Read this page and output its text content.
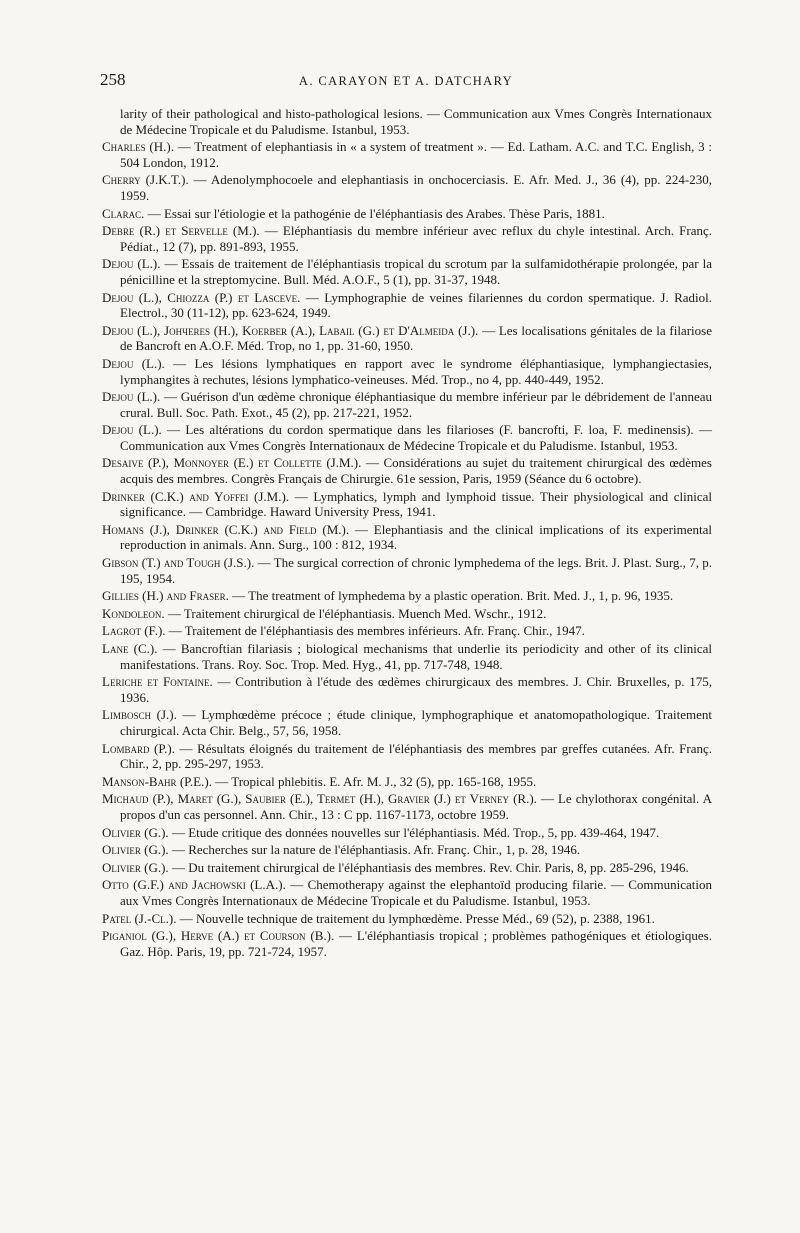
258	A. CARAYON ET A. DATCHARY

larity of their pathological and histo-pathological lesions. — Communication aux Vmes Congrès Internationaux de Médecine Tropicale et du Paludisme. Istanbul, 1953.

Charles (H.). — Treatment of elephantiasis in « a system of treatment ». — Ed. Latham. A.C. and T.C. English, 3 : 504 London, 1912.

Cherry (J.K.T.). — Adenolymphocoele and elephantiasis in onchocerciasis. E. Afr. Med. J., 36 (4), pp. 224-230, 1959.

Clarac. — Essai sur l'étiologie et la pathogénie de l'éléphantiasis des Arabes. Thèse Paris, 1881.

Debre (R.) et Servelle (M.). — Eléphantiasis du membre inférieur avec reflux du chyle intestinal. Arch. Franç. Pédiat., 12 (7), pp. 891-893, 1955.

Dejou (L.). — Essais de traitement de l'éléphantiasis tropical du scrotum par la sulfamidothérapie prolongée, par la pénicilline et la streptomycine. Bull. Méd. A.O.F., 5 (1), pp. 31-37, 1948.

Dejou (L.), Chiozza (P.) et Lasceve. — Lymphographie de veines filariennes du cordon spermatique. J. Radiol. Electrol., 30 (11-12), pp. 623-624, 1949.

Dejou (L.), Jончeres (H.), Koerber (A.), Labail (G.) et D'Almeida (J.). — Les localisations génitales de la filariose de Bancroft en A.O.F. Méd. Trop, no 1, pp. 31-60, 1950.

Dejou (L.). — Les lésions lymphatiques en rapport avec le syndrome éléphantiasique, lymphangiectasies, lymphangites à rechutes, lésions lymphatico-veineuses. Méd. Trop., no 4, pp. 440-449, 1952.

Dejou (L.). — Guérison d'un œdème chronique éléphantiasique du membre inférieur par le débridement de l'anneau crural. Bull. Soc. Path. Exot., 45 (2), pp. 217-221, 1952.

Dejou (L.). — Les altérations du cordon spermatique dans les filarioses (F. bancrofti, F. loa, F. medinensis). — Communication aux Vmes Congrès Internationaux de Médecine Tropicale et du Paludisme. Istanbul, 1953.

Desaive (P.), Monnoyer (E.) et Collette (J.M.). — Considérations au sujet du traitement chirurgical des œdèmes acquis des membres. Congrès Français de Chirurgie. 61e session, Paris, 1959 (Séance du 6 octobre).

Drinker (C.K.) and Yoffei (J.M.). — Lymphatics, lymph and lymphoid tissue. Their physiological and clinical significance. — Cambridge. Haward University Press, 1941.

Homans (J.), Drinker (C.K.) and Field (M.). — Elephantiasis and the clinical implications of its experimental reproduction in animals. Ann. Surg., 100 : 812, 1934.

Gibson (T.) and Tough (J.S.). — The surgical correction of chronic lymphedema of the legs. Brit. J. Plast. Surg., 7, p. 195, 1954.

Gillies (H.) and Fraser. — The treatment of lymphedema by a plastic operation. Brit. Med. J., 1, p. 96, 1935.

Kondoleon. — Traitement chirurgical de l'éléphantiasis. Muench Med. Wschr., 1912.

Lagrot (F.). — Traitement de l'éléphantiasis des membres inférieurs. Afr. Franç. Chir., 1947.

Lane (C.). — Bancroftian filariasis ; biological mechanisms that underlie its periodicity and other of its clinical manifestations. Trans. Roy. Soc. Trop. Med. Hyg., 41, pp. 717-748, 1948.

Leriche et Fontaine. — Contribution à l'étude des œdèmes chirurgicaux des membres. J. Chir. Bruxelles, p. 175, 1936.

Limbosch (J.). — Lymphœdème précoce ; étude clinique, lymphographique et anatomopathologique. Traitement chirurgical. Acta Chir. Belg., 57, 56, 1958.

Lombard (P.). — Résultats éloignés du traitement de l'éléphantiasis des membres par greffes cutanées. Afr. Franç. Chir., 2, pp. 295-297, 1953.

Manson-Bahr (P.E.). — Tropical phlebitis. E. Afr. M. J., 32 (5), pp. 165-168, 1955.

Michaud (P.), Maret (G.), Saubier (E.), Termet (H.), Gravier (J.) et Verney (R.). — Le chylothorax congénital. A propos d'un cas personnel. Ann. Chir., 13 : C pp. 1167-1173, octobre 1959.

Olivier (G.). — Etude critique des données nouvelles sur l'éléphantiasis. Méd. Trop., 5, pp. 439-464, 1947.

Olivier (G.). — Recherches sur la nature de l'éléphantiasis. Afr. Franç. Chir., 1, p. 28, 1946.

Olivier (G.). — Du traitement chirurgical de l'éléphantiasis des membres. Rev. Chir. Paris, 8, pp. 285-296, 1946.

Otto (G.F.) and Jachowski (L.A.). — Chemotherapy against the elephantoïd producing filarie. — Communication aux Vmes Congrès Internationaux de Médecine Tropicale et du Paludisme. Istanbul, 1953.

Patel (J.-Cl.). — Nouvelle technique de traitement du lymphœdème. Presse Méd., 69 (52), p. 2388, 1961.

Piganiol (G.), Herve (A.) et Courson (B.). — L'éléphantiasis tropical ; problèmes pathogéniques et étiologiques. Gaz. Hôp. Paris, 19, pp. 721-724, 1957.
